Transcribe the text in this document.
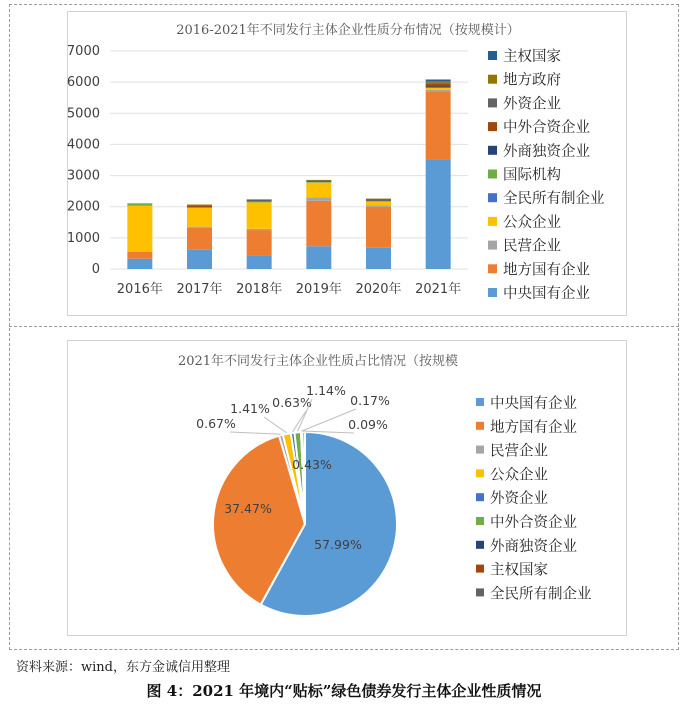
2016-2021年不同发行主体企业性质分布情况（按规模计）
0
1000
2000
3000
4000
5000
6000
7000
2016年 2017年 2018年 2019年 2020年 2021年
主权国家
地方政府
外资企业
中外合资企业
外商独资企业
国际机构
全民所有制企业
公众企业
民营企业
地方国有企业
中央国有企业
2021年不同发行主体企业性质占比情况（按规模
57.99%
37.47%
0.67%
1.41% 0.63%
1.14%
0.17%
0.09%
0.43%
中央国有企业
地方国有企业
民营企业
公众企业
外资企业
中外合资企业
外商独资企业
主权国家
全民所有制企业
资料来源：wind，东方金诚信用整理
图 4：2021 年境内“贴标”绿色债券发行主体企业性质情况
